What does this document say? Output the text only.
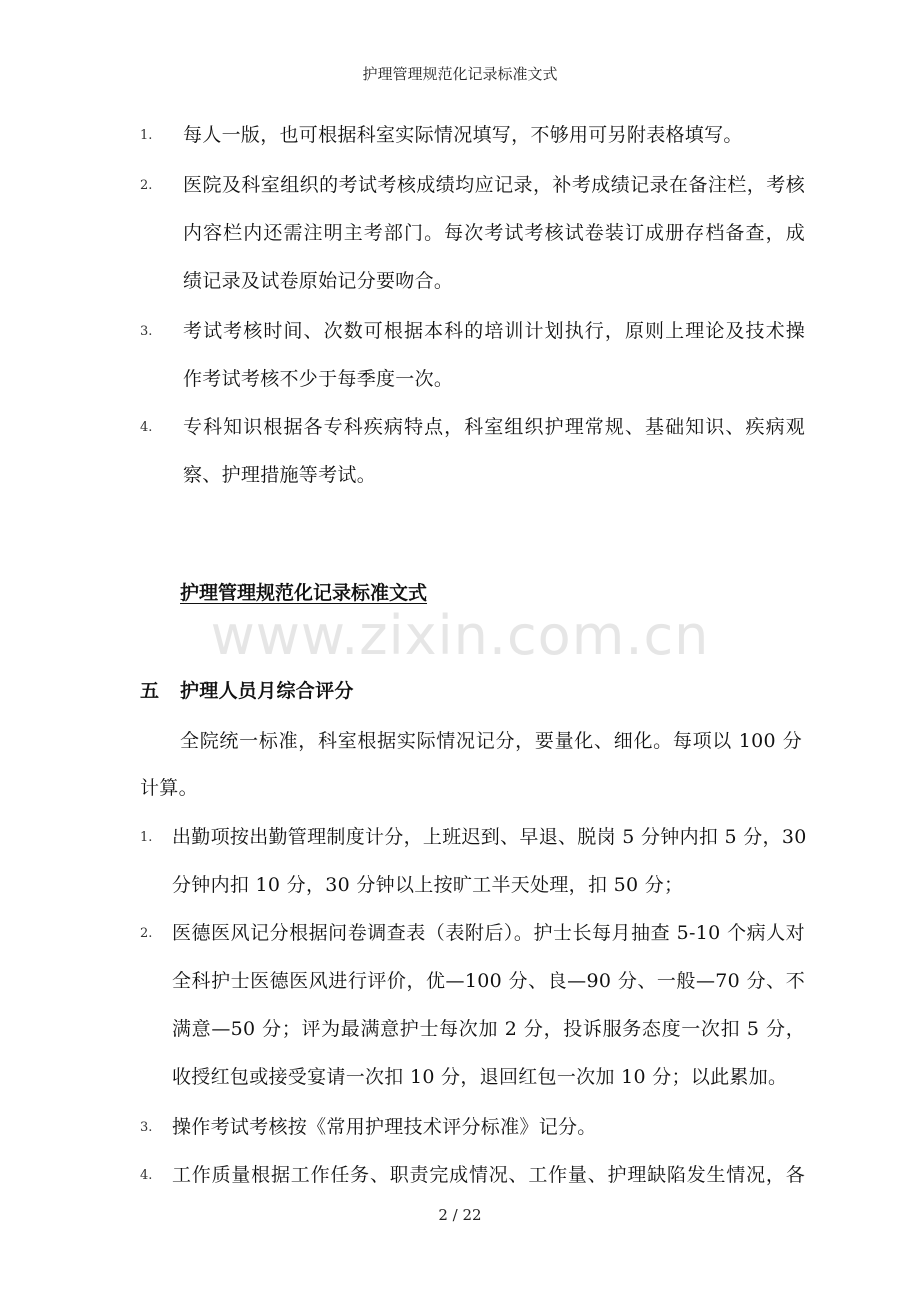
护理管理规范化记录标准文式
1. 每人一版，也可根据科室实际情况填写，不够用可另附表格填写。
2. 医院及科室组织的考试考核成绩均应记录，补考成绩记录在备注栏，考核
内容栏内还需注明主考部门。每次考试考核试卷装订成册存档备查，成
绩记录及试卷原始记分要吻合。
3. 考试考核时间、次数可根据本科的培训计划执行，原则上理论及技术操
作考试考核不少于每季度一次。
4. 专科知识根据各专科疾病特点，科室组织护理常规、基础知识、疾病观
察、护理措施等考试。
护理管理规范化记录标准文式
www.zixin.com.cn
五 护理人员月综合评分
全院统一标准，科室根据实际情况记分，要量化、细化。每项以 100 分
计算。
1. 出勤项按出勤管理制度计分，上班迟到、早退、脱岗 5 分钟内扣 5 分，30
分钟内扣 10 分，30 分钟以上按旷工半天处理，扣 50 分；
2. 医德医风记分根据问卷调查表（表附后）。护士长每月抽查 5-10 个病人对
全科护士医德医风进行评价，优—100 分、良—90 分、一般—70 分、不
满意—50 分；评为最满意护士每次加 2 分，投诉服务态度一次扣 5 分，
收授红包或接受宴请一次扣 10 分，退回红包一次加 10 分；以此累加。
3. 操作考试考核按《常用护理技术评分标准》记分。
4. 工作质量根据工作任务、职责完成情况、工作量、护理缺陷发生情况，各
2 / 22
